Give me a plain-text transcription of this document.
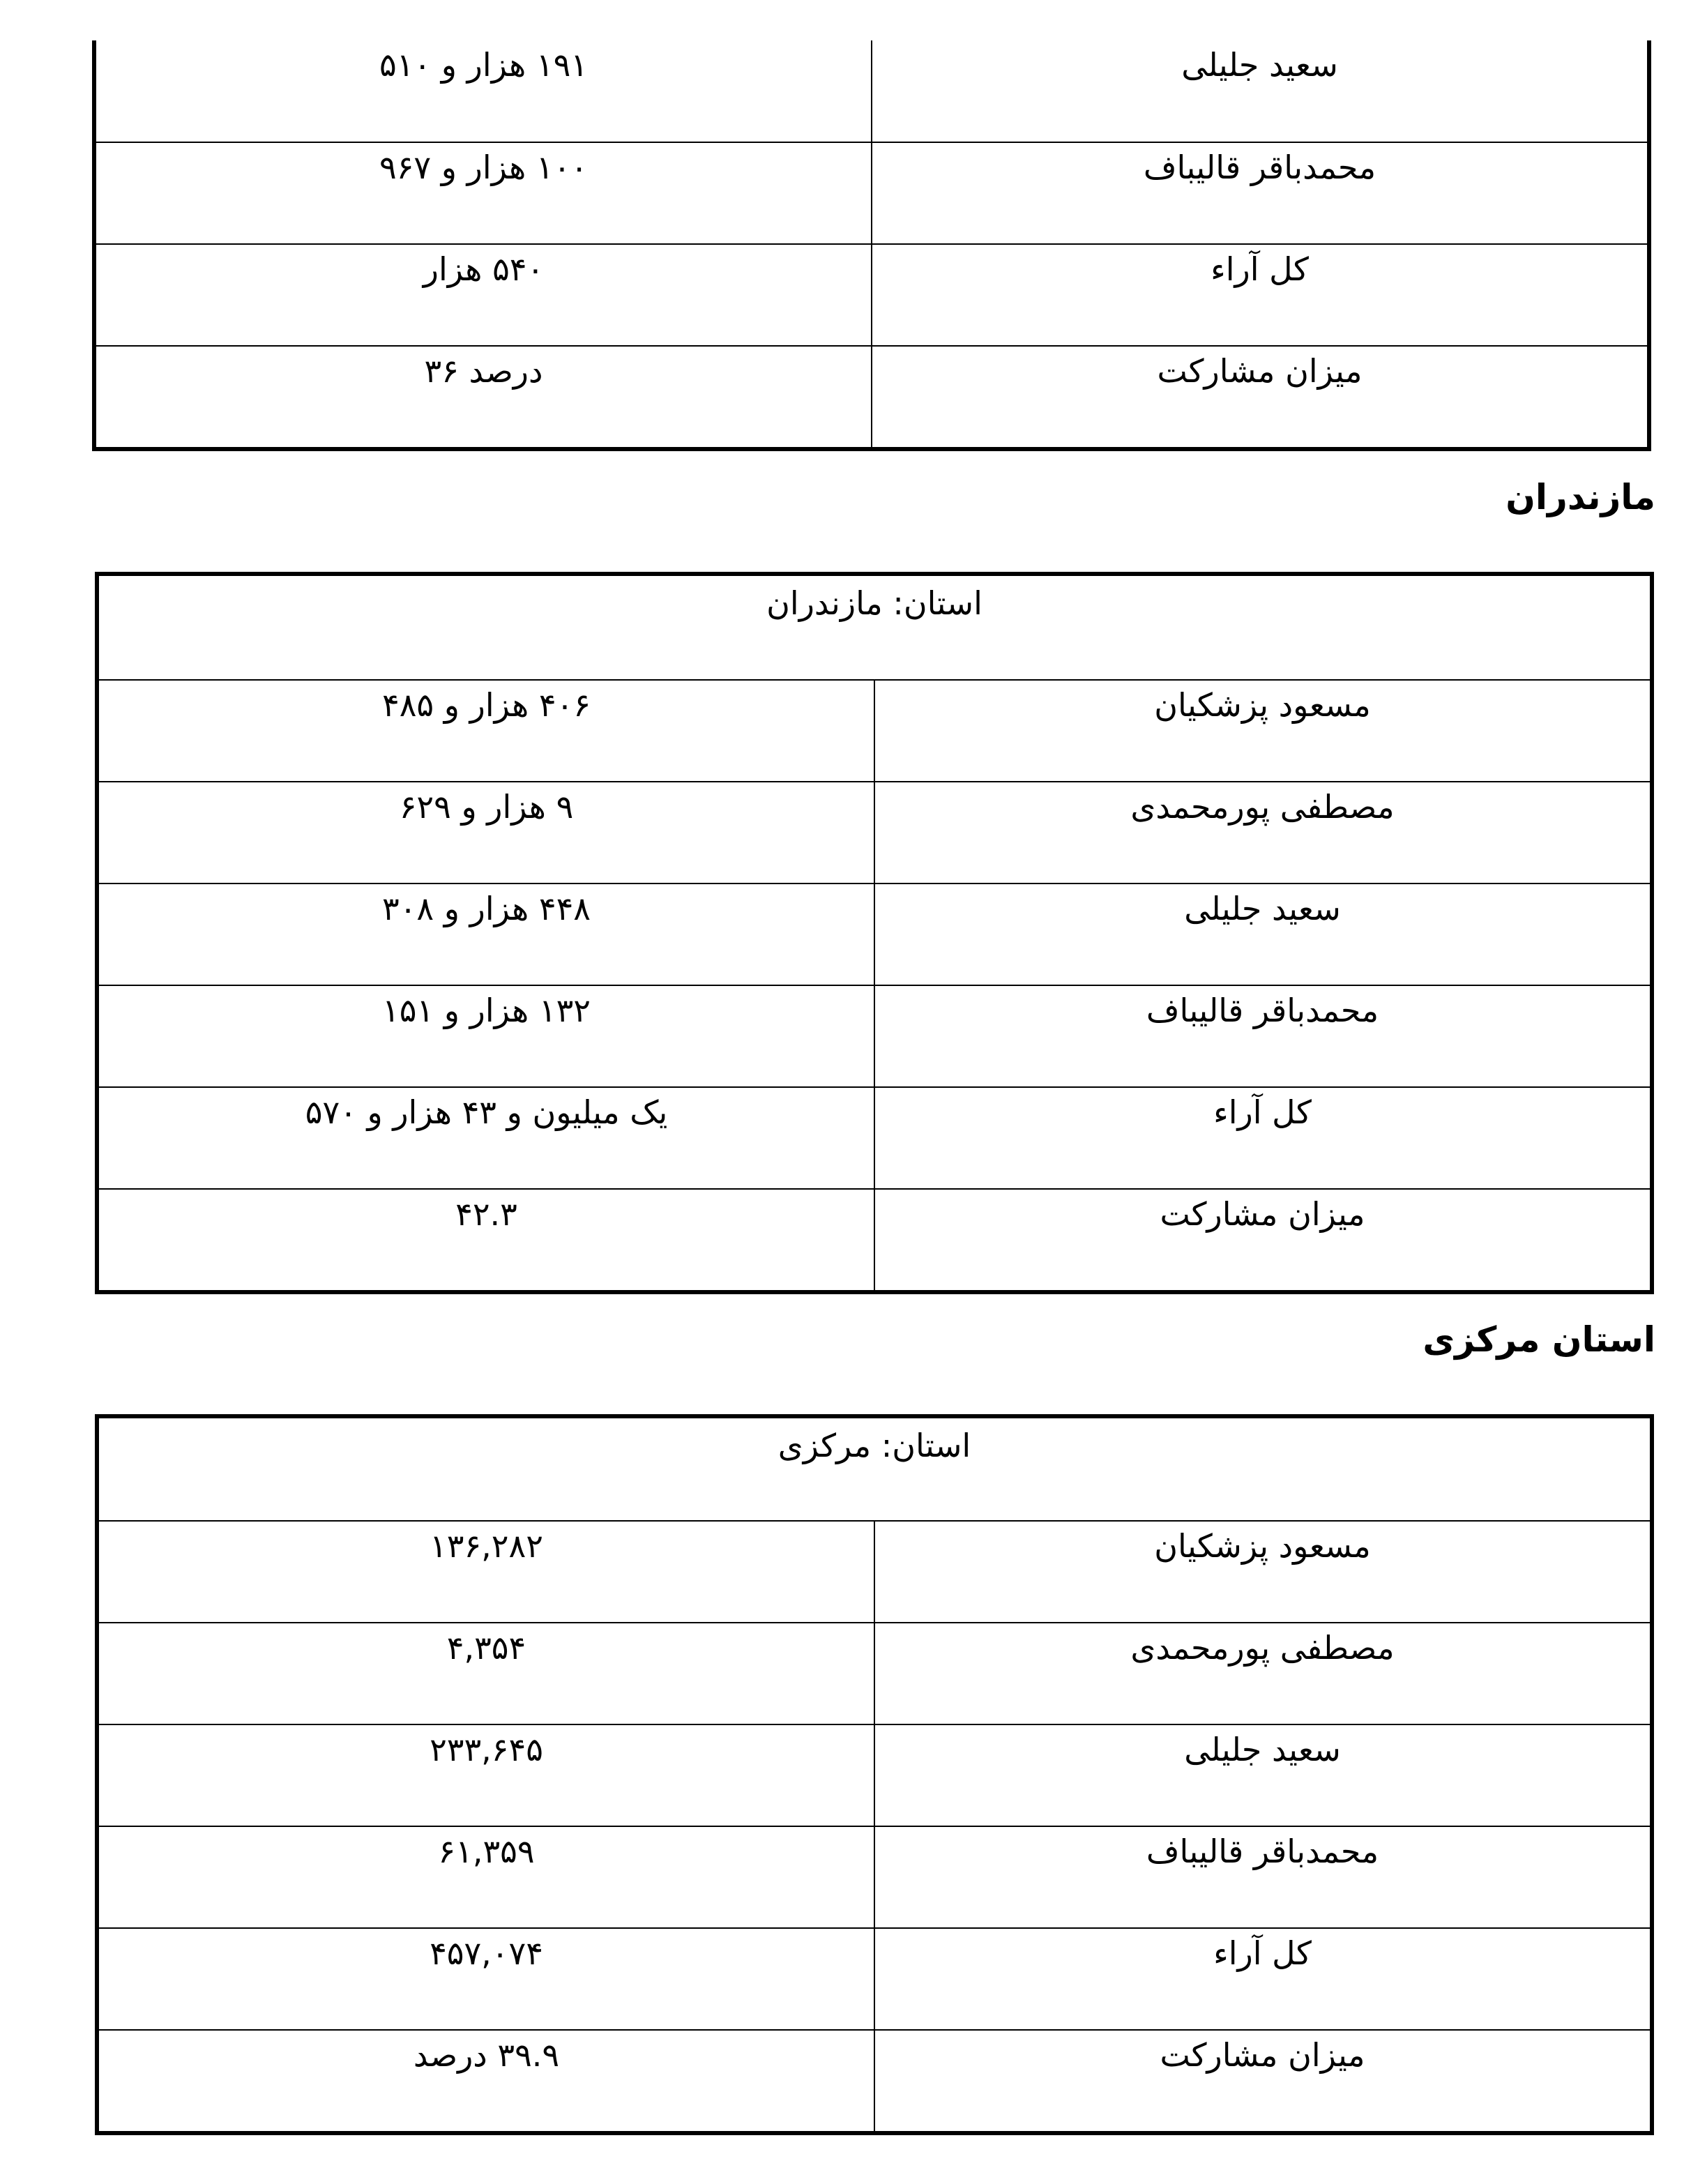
سعید جلیلی	۱۹۱ هزار و ۵۱۰
محمدباقر قالیباف	۱۰۰ هزار و ۹۶۷
کل آراء	۵۴۰ هزار
میزان مشارکت	درصد ۳۶
مازندران
استان: مازندران	
مسعود پزشکیان	۴۰۶ هزار و ۴۸۵
مصطفی پورمحمدی	۹ هزار و ۶۲۹
سعید جلیلی	۴۴۸ هزار و ۳۰۸
محمدباقر قالیباف	۱۳۲ هزار و ۱۵۱
کل آراء	یک میلیون و ۴۳ هزار و ۵۷۰
میزان مشارکت	۴۲.۳
استان مرکزی
استان: مرکزی	
مسعود پزشکیان	۱۳۶,۲۸۲
مصطفی پورمحمدی	۴,۳۵۴
سعید جلیلی	۲۳۳,۶۴۵
محمدباقر قالیباف	۶۱,۳۵۹
کل آراء	۴۵۷,۰۷۴
میزان مشارکت	۳۹.۹ درصد
